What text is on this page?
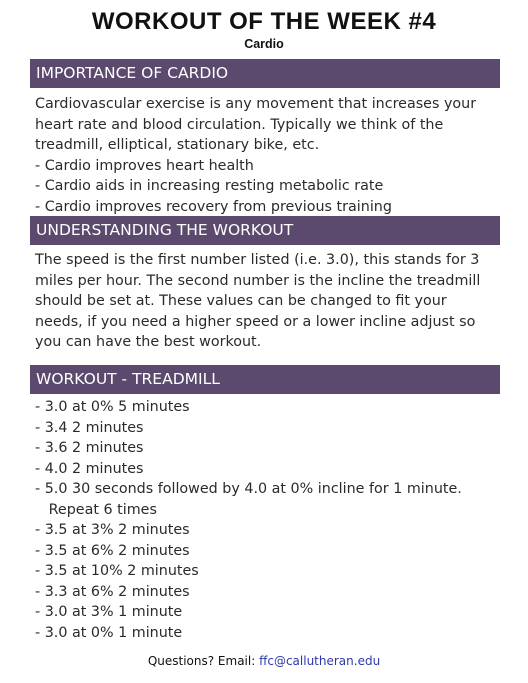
WORKOUT OF THE WEEK #4
Cardio
IMPORTANCE OF CARDIO
Cardiovascular exercise is any movement that increases your heart rate and blood circulation. Typically we think of the treadmill, elliptical, stationary bike, etc.
- Cardio improves heart health
- Cardio aids in increasing resting metabolic rate
- Cardio improves recovery from previous training
UNDERSTANDING THE WORKOUT
The speed is the first number listed (i.e. 3.0), this stands for 3 miles per hour. The second number is the incline the treadmill should be set at. These values can be changed to fit your needs, if you need a higher speed or a lower incline adjust so you can have the best workout.
WORKOUT - TREADMILL
- 3.0 at 0% 5 minutes
- 3.4 2 minutes
- 3.6 2 minutes
- 4.0 2 minutes
- 5.0 30 seconds followed by 4.0 at 0% incline for 1 minute.
Repeat 6 times
- 3.5 at 3% 2 minutes
- 3.5 at 6% 2 minutes
- 3.5 at 10% 2 minutes
- 3.3 at 6% 2 minutes
- 3.0 at 3% 1 minute
- 3.0 at 0% 1 minute
Questions? Email: ffc@callutheran.edu
